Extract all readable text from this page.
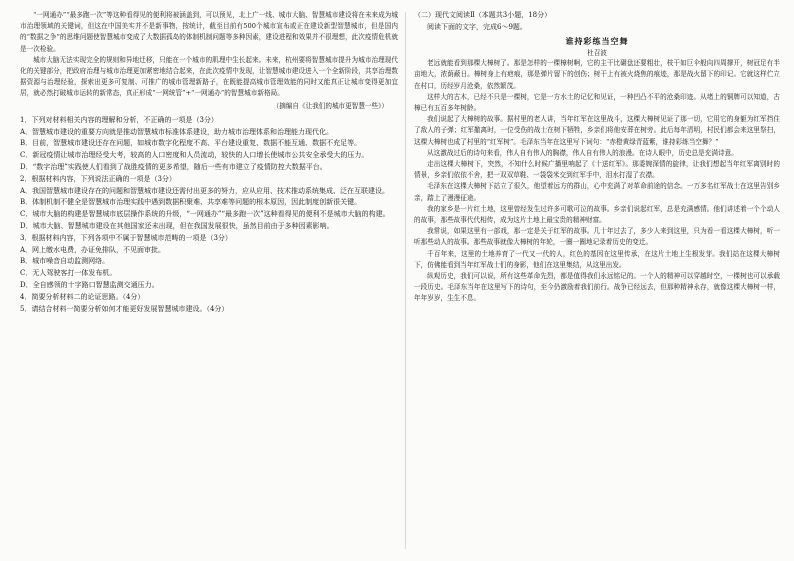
“一网通办”“最多跑一次”等这种看得见的便利将被涵盖到，可以预见，北上广一线、城市大脑、智慧城市建设将在未来成为城市治理领域的关键词，但这在中国美实并不是新事物，按统计，截至目前有500个城市宣布或正在建设新型智慧城市，但是国内的“数据之争”的思维问题使智慧城市变成了大数据孤岛的体制机制问题等多种因素，建设进程和效果并不很理想，此次疫情危机就是一次检验。

城市大脑无法实现完全的规则和异地迁移，只能在一个城市的肌理中生长起来。未来，杭州要将智慧城市提升为城市治理现代化的关键部分，把政府治理与城市治理更加紧密地结合起来，在此次疫情中发现，让智慧城市建设进入一个全新阶段，共享治理数据资源与治理经验，探索出更多可复制、可推广的城市管理新路子，在既能提高城市管理效能的同时又能真正让城市变得更加宜居，就必然打破城市运转的新常态，真正形成“一网统管”+“一网通办”的智慧城市新格局。

（摘编自《让我们的城市更智慧一些》）

1．下列对材料相关内容的理解和分析，不正确的一项是（3分）

A．智慧城市建设的重要方向就是推动智慧城市标准体系建设，助力城市治理体系和治理能力现代化。

B．目前，智慧城市建设还存在问题，如城市数字化程度不高、平台建设重复、数据不能互通、数据不充足等。

C．新冠疫情让城市治理经受大考，较高的人口密度和人员流动，较快的人口增长使城市公共安全承受大的压力。

D．“数字治理”实践使人们看到了战胜疫情的更多希望，随后一些有市建立了疫情防控大数据平台。

2．根据材料内容，下列说法正确的一项是（3分）

A．我国智慧城市建设存在的问题和智慧城市建设还需付出更多的努力，应从应用、技术推动系统集成、泛在互联建设。

B．体制机制不健全是智慧城市治理实践中遇到数据积聚难、共享难等问题的根本原因，因此制度创新很关键。

C．城市大脑的构建是智慧城市底层操作系统的升级，“一网通办”“最多跑一次”这种看得见的便利不是城市大脑的构建。

D．城市大脑、智慧城市建设在其他国家还未出现，但在我国发展很快，虽然目前由于多种因素影响。

3．根据材料内容，下列各项中不属于智慧城市范畴的一项是（3分）

A．网上缴水电费，办证免排队，不见面审批。

B．城市噪音自动监测网络。

C．无人驾驶客打一体发布机。

D．全自感领的十字路口智慧监测交通压力。

4．简要分析材料二的论证思路。（4分）

5．请结合材料一简要分析如何才能更好发展智慧城市建设。（4分）

（二）现代文阅读Ⅱ（本题共3小题，18分）

阅读下面的文字，完成6～9题。

谁持彩练当空舞

杜召波

老远就能看到那棵大樟树了。那是怎样的一棵樟树啊，它的主干比碾盘还要粗壮，枝干如巨伞般向四周撑开，树冠足有半亩地大，浓荫蔽日。樟树身上有疤痕，那是弹片留下的创伤；树干上有被火烧焦的痕迹，那是战火留下的印记。它就这样伫立在村口，历经岁月沧桑，依然繁茂。

这样大的古木，已经不只是一棵树，它是一方水土的记忆和见证，一种凹凸不平的沧桑印迹。从堵上的铜牌可以知道，古樟已有五百多年树龄。

我们说起了大樟树的故事。据村里的老人讲，当年红军在这里战斗，这棵大樟树见证了那一切，它用它的身躯为红军挡住了敌人的子弹；红军撤离时，一位受伤的战士在树下牺牲，乡亲们将他安葬在树旁。此后每年清明，村民们都会来这里祭扫，这棵大樟树也成了村里的“红军树”。毛泽东当年在这里写下词句：“赤橙黄绿青蓝紫，谁持彩练当空舞？”

从这激战过后的诗句来看，伟人自有伟人的胸襟，伟人自有伟人的浪漫。在诗人眼中，历史总是充满诗意。

走出这棵大樟树下，突然，不知什么时候广播里响起了《十送红军》。那委婉深情的旋律，让我们想起当年红军离别时的情景，乡亲们依依不舍，把一双双草鞋、一袋袋米交到红军手中，泪水打湿了衣襟。

毛泽东在这棵大樟树下站立了很久，他望着远方的群山，心中充满了对革命前途的信念。一万多名红军战士在这里告别乡亲，踏上了漫漫征途。

我的家乡是一片红土地，这里曾经发生过许多可歌可泣的故事。乡亲们说起红军，总是充满感情。他们讲述着一个个动人的故事，那些故事代代相传，成为这片土地上最宝贵的精神财富。

我常说，如果这里有一部戏，那一定是关于红军的故事。几十年过去了，多少人来到这里，只为看一看这棵大樟树，听一听那些动人的故事。那些故事就像大樟树的年轮，一圈一圈地记录着历史的变迁。

千百年来，这里的土地养育了一代又一代的人，红色的基因在这里传承，在这片土地上生根发芽。我们站在这棵大樟树下，仿佛能看到当年红军战士们的身影，他们在这里集结，从这里出发。

纵观历史，我们可以说，所有这些革命先烈，都是值得我们永远铭记的。一个人的精神可以穿越时空，一棵树也可以承载一段历史。毛泽东当年在这里写下的诗句，至今仍激励着我们前行。战争已经远去，但那种精神永存，就像这棵大樟树一样，年年岁岁，生生不息。
